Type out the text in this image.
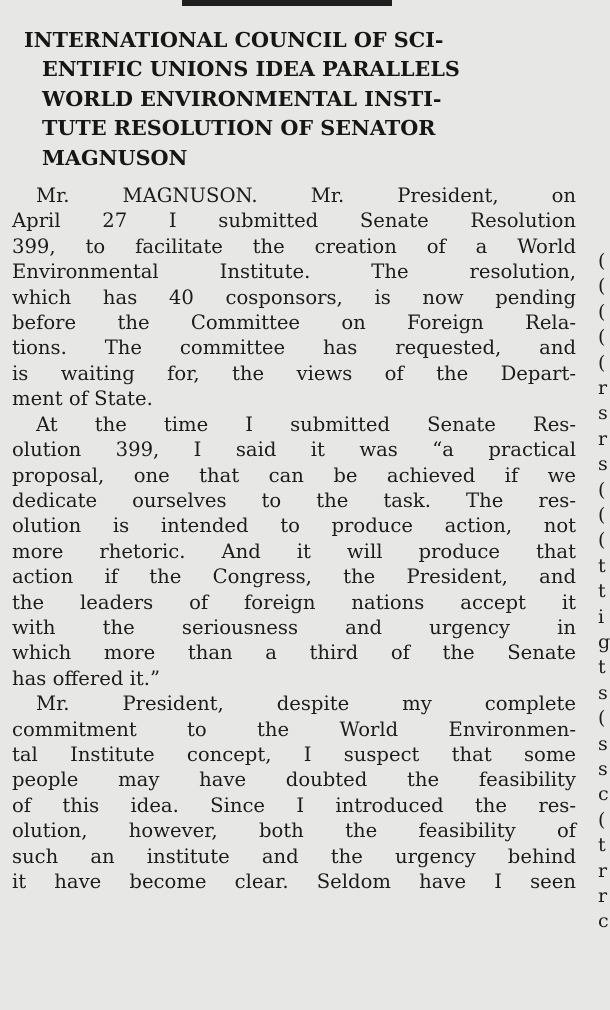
INTERNATIONAL COUNCIL OF SCI-
ENTIFIC UNIONS IDEA PARALLELS
WORLD ENVIRONMENTAL INSTI-
TUTE RESOLUTION OF SENATOR
MAGNUSON
Mr. MAGNUSON. Mr. President, on
April 27 I submitted Senate Resolution
399, to facilitate the creation of a World
Environmental Institute. The resolution,
which has 40 cosponsors, is now pending
before the Committee on Foreign Rela-
tions. The committee has requested, and
is waiting for, the views of the Depart-
ment of State.
At the time I submitted Senate Res-
olution 399, I said it was “a practical
proposal, one that can be achieved if we
dedicate ourselves to the task. The res-
olution is intended to produce action, not
more rhetoric. And it will produce that
action if the Congress, the President, and
the leaders of foreign nations accept it
with the seriousness and urgency in
which more than a third of the Senate
has offered it.”
Mr. President, despite my complete
commitment to the World Environmen-
tal Institute concept, I suspect that some
people may have doubted the feasibility
of this idea. Since I introduced the res-
olution, however, both the feasibility of
such an institute and the urgency behind
it have become clear. Seldom have I seen
(
(
(
(
(
r
s
r
s
(
(
(
t
t
i
g
t
s
(
s
s
c
(
t
r
r
c
